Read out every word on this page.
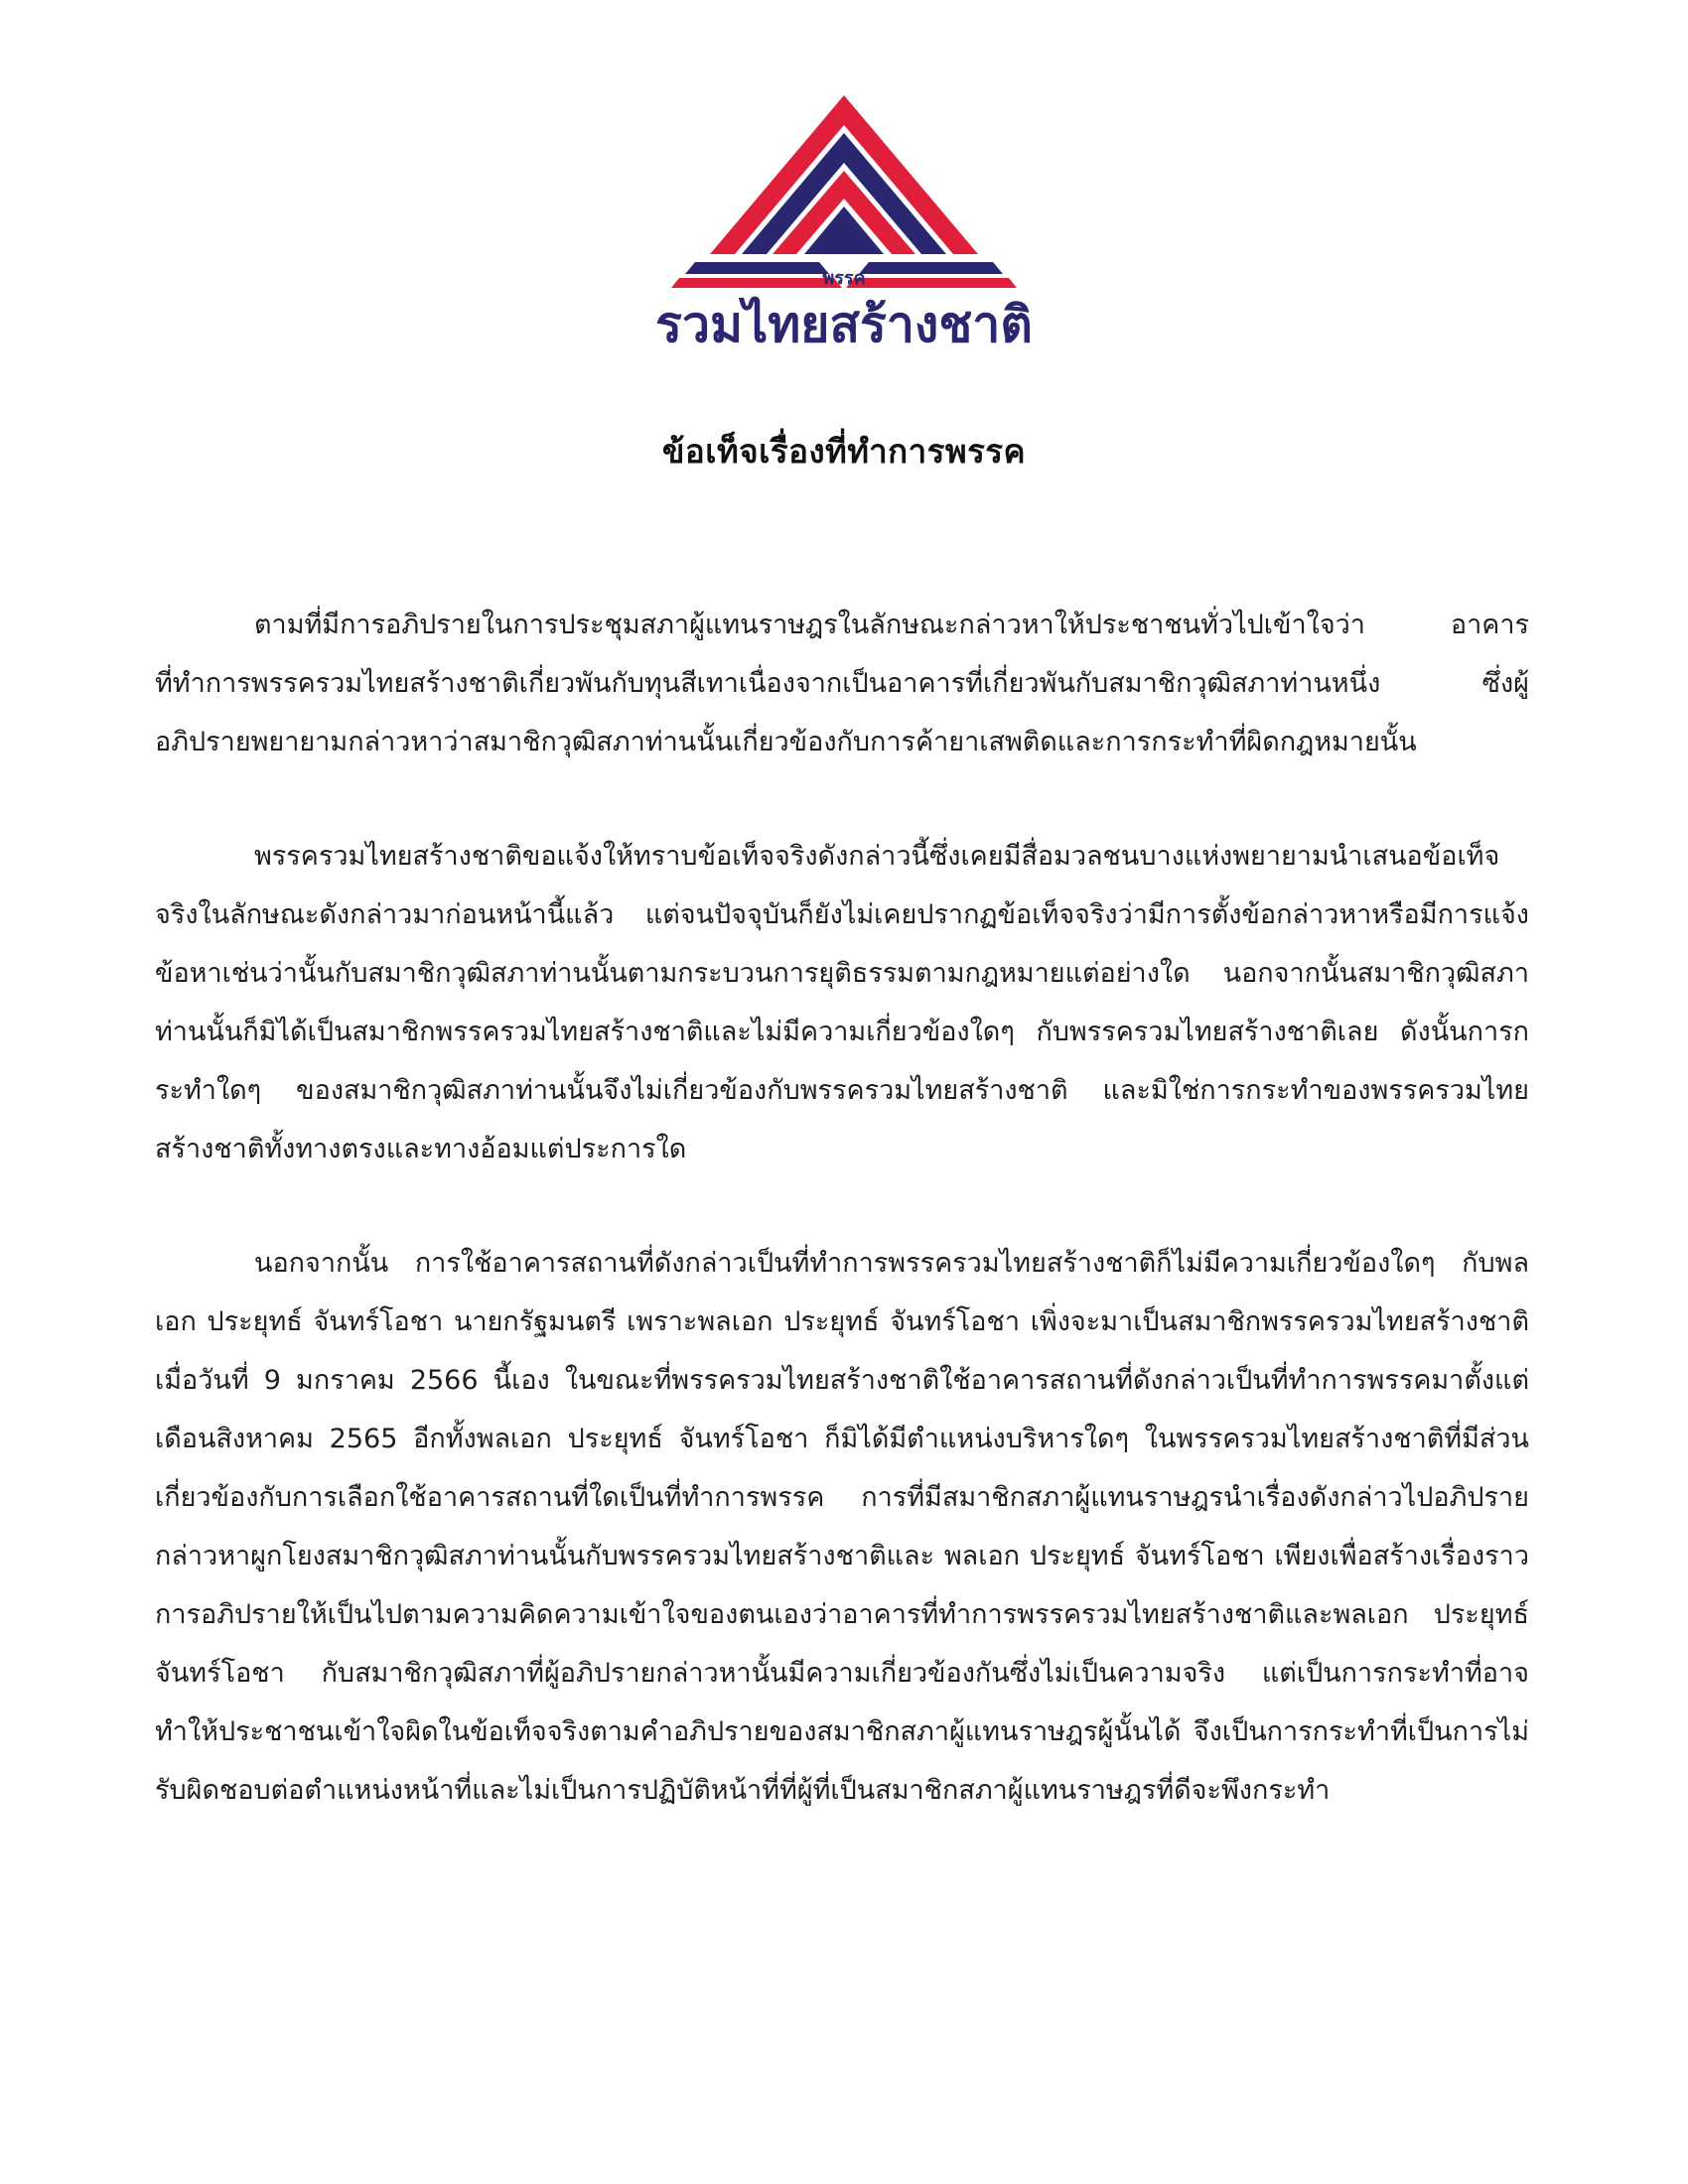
พรรค
รวมไทยสร้างชาติ
ข้อเท็จเรื่องที่ทำการพรรค

ตามที่มีการอภิปรายในการประชุมสภาผู้แทนราษฎรในลักษณะกล่าวหาให้ประชาชนทั่วไปเข้าใจว่า อาคารที่ทำการพรรครวมไทยสร้างชาติเกี่ยวพันกับทุนสีเทาเนื่องจากเป็นอาคารที่เกี่ยวพันกับสมาชิกวุฒิสภาท่านหนึ่ง ซึ่งผู้อภิปรายพยายามกล่าวหาว่าสมาชิกวุฒิสภาท่านนั้นเกี่ยวข้องกับการค้ายาเสพติดและการกระทำที่ผิดกฎหมายนั้น

พรรครวมไทยสร้างชาติขอแจ้งให้ทราบข้อเท็จจริงดังกล่าวนี้ซึ่งเคยมีสื่อมวลชนบางแห่งพยายามนำเสนอข้อเท็จจริงในลักษณะดังกล่าวมาก่อนหน้านี้แล้ว แต่จนปัจจุบันก็ยังไม่เคยปรากฏข้อเท็จจริงว่ามีการตั้งข้อกล่าวหาหรือมีการแจ้งข้อหาเช่นว่านั้นกับสมาชิกวุฒิสภาท่านนั้นตามกระบวนการยุติธรรมตามกฎหมายแต่อย่างใด นอกจากนั้นสมาชิกวุฒิสภาท่านนั้นก็มิได้เป็นสมาชิกพรรครวมไทยสร้างชาติและไม่มีความเกี่ยวข้องใดๆ กับพรรครวมไทยสร้างชาติเลย ดังนั้นการกระทำใดๆ ของสมาชิกวุฒิสภาท่านนั้นจึงไม่เกี่ยวข้องกับพรรครวมไทยสร้างชาติ และมิใช่การกระทำของพรรครวมไทยสร้างชาติทั้งทางตรงและทางอ้อมแต่ประการใด

นอกจากนั้น การใช้อาคารสถานที่ดังกล่าวเป็นที่ทำการพรรครวมไทยสร้างชาติก็ไม่มีความเกี่ยวข้องใดๆ กับพลเอก ประยุทธ์ จันทร์โอชา นายกรัฐมนตรี เพราะพลเอก ประยุทธ์ จันทร์โอชา เพิ่งจะมาเป็นสมาชิกพรรครวมไทยสร้างชาติเมื่อวันที่ 9 มกราคม 2566 นี้เอง ในขณะที่พรรครวมไทยสร้างชาติใช้อาคารสถานที่ดังกล่าวเป็นที่ทำการพรรคมาตั้งแต่เดือนสิงหาคม 2565 อีกทั้งพลเอก ประยุทธ์ จันทร์โอชา ก็มิได้มีตำแหน่งบริหารใดๆ ในพรรครวมไทยสร้างชาติที่มีส่วนเกี่ยวข้องกับการเลือกใช้อาคารสถานที่ใดเป็นที่ทำการพรรค การที่มีสมาชิกสภาผู้แทนราษฎรนำเรื่องดังกล่าวไปอภิปรายกล่าวหาผูกโยงสมาชิกวุฒิสภาท่านนั้นกับพรรครวมไทยสร้างชาติและ พลเอก ประยุทธ์ จันทร์โอชา เพียงเพื่อสร้างเรื่องราวการอภิปรายให้เป็นไปตามความคิดความเข้าใจของตนเองว่าอาคารที่ทำการพรรครวมไทยสร้างชาติและพลเอก ประยุทธ์ จันทร์โอชา กับสมาชิกวุฒิสภาที่ผู้อภิปรายกล่าวหานั้นมีความเกี่ยวข้องกันซึ่งไม่เป็นความจริง แต่เป็นการกระทำที่อาจทำให้ประชาชนเข้าใจผิดในข้อเท็จจริงตามคำอภิปรายของสมาชิกสภาผู้แทนราษฎรผู้นั้นได้ จึงเป็นการกระทำที่เป็นการไม่รับผิดชอบต่อตำแหน่งหน้าที่และไม่เป็นการปฏิบัติหน้าที่ที่ผู้ที่เป็นสมาชิกสภาผู้แทนราษฎรที่ดีจะพึงกระทำ
